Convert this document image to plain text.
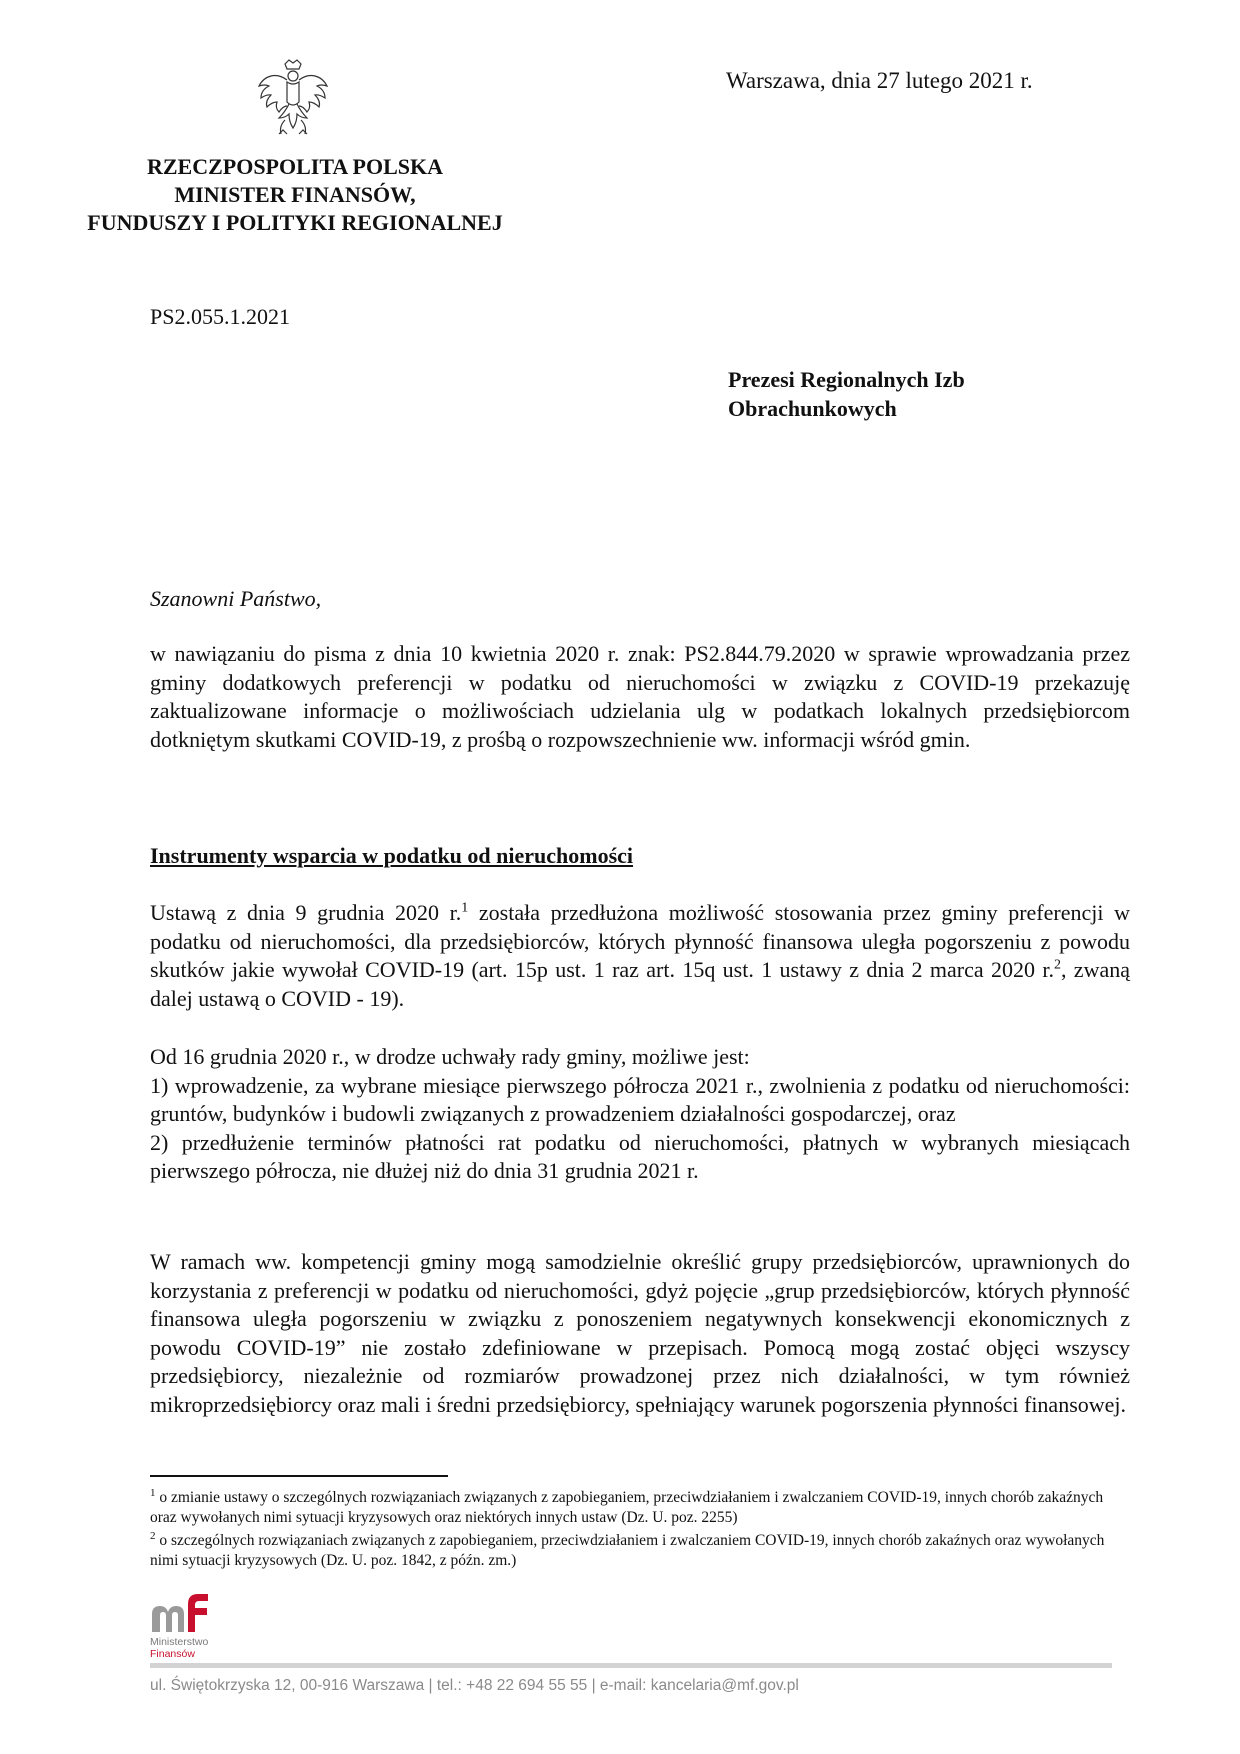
Warszawa, dnia 27 lutego 2021 r.
RZECZPOSPOLITA POLSKA
MINISTER FINANSÓW,
FUNDUSZY I POLITYKI REGIONALNEJ
PS2.055.1.2021
Prezesi Regionalnych Izb
Obrachunkowych
Szanowni Państwo,
w nawiązaniu do pisma z dnia 10 kwietnia 2020 r. znak: PS2.844.79.2020 w sprawie wprowadzania przez gminy dodatkowych preferencji w podatku od nieruchomości w związku z COVID-19 przekazuję zaktualizowane informacje o możliwościach udzielania ulg w podatkach lokalnych przedsiębiorcom dotkniętym skutkami COVID-19, z prośbą o rozpowszechnienie ww. informacji wśród gmin.
Instrumenty wsparcia w podatku od nieruchomości
Ustawą z dnia 9 grudnia 2020 r.$^1$ została przedłużona możliwość stosowania przez gminy preferencji w podatku od nieruchomości, dla przedsiębiorców, których płynność finansowa uległa pogorszeniu z powodu skutków jakie wywołał COVID-19 (art. 15p ust. 1 raz art. 15q ust. 1 ustawy z dnia 2 marca 2020 r.$^2$, zwaną dalej ustawą o COVID - 19).
Od 16 grudnia 2020 r., w drodze uchwały rady gminy, możliwe jest:
1) wprowadzenie, za wybrane miesiące pierwszego półrocza 2021 r., zwolnienia z podatku od nieruchomości: gruntów, budynków i budowli związanych z prowadzeniem działalności gospodarczej, oraz
2) przedłużenie terminów płatności rat podatku od nieruchomości, płatnych w wybranych miesiącach pierwszego półrocza, nie dłużej niż do dnia 31 grudnia 2021 r.
W ramach ww. kompetencji gminy mogą samodzielnie określić grupy przedsiębiorców, uprawnionych do korzystania z preferencji w podatku od nieruchomości, gdyż pojęcie „grup przedsiębiorców, których płynność finansowa uległa pogorszeniu w związku z ponoszeniem negatywnych konsekwencji ekonomicznych z powodu COVID-19” nie zostało zdefiniowane w przepisach. Pomocą mogą zostać objęci wszyscy przedsiębiorcy, niezależnie od rozmiarów prowadzonej przez nich działalności, w tym również mikroprzedsiębiorcy oraz mali i średni przedsiębiorcy, spełniający warunek pogorszenia płynności finansowej.
$^1$ o zmianie ustawy o szczególnych rozwiązaniach związanych z zapobieganiem, przeciwdziałaniem i zwalczaniem COVID-19, innych chorób zakaźnych oraz wywołanych nimi sytuacji kryzysowych oraz niektórych innych ustaw (Dz. U. poz. 2255)
$^2$ o szczególnych rozwiązaniach związanych z zapobieganiem, przeciwdziałaniem i zwalczaniem COVID-19, innych chorób zakaźnych oraz wywołanych nimi sytuacji kryzysowych (Dz. U. poz. 1842, z późn. zm.)
Ministerstwo
Finansów
ul. Świętokrzyska 12, 00-916 Warszawa | tel.: +48 22 694 55 55 | e-mail: kancelaria@mf.gov.pl
